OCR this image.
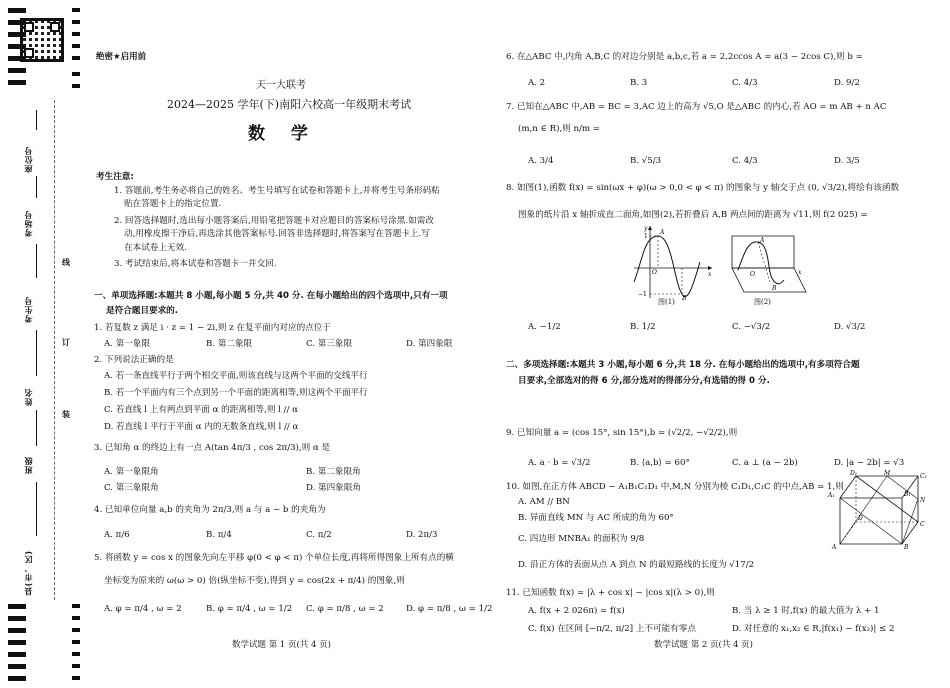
座位号
考场号
考生号
姓名
班级
县(市、区)
线
订
装
绝密★启用前
天一大联考
2024—2025 学年(下)南阳六校高一年级期末考试
数 学
考生注意:
1. 答题前,考生务必将自己的姓名、考生号填写在试卷和答题卡上,并将考生号条形码粘
贴在答题卡上的指定位置.
2. 回答选择题时,选出每小题答案后,用铅笔把答题卡对应题目的答案标号涂黑.如需改
动,用橡皮擦干净后,再选涂其他答案标号.回答非选择题时,将答案写在答题卡上.写
在本试卷上无效.
3. 考试结束后,将本试卷和答题卡一并交回.
一、单项选择题:本题共 8 小题,每小题 5 分,共 40 分. 在每小题给出的四个选项中,只有一项
是符合题目要求的.
1. 若复数 z 满足 i · z = 1 − 2i,则 z 在复平面内对应的点位于
A. 第一象限	B. 第二象限	C. 第三象限	D. 第四象限
2. 下列说法正确的是
A. 若一条直线平行于两个相交平面,则该直线与这两个平面的交线平行
B. 若一个平面内有三个点到另一个平面的距离相等,则这两个平面平行
C. 若直线 l 上有两点到平面 α 的距离相等,则 l // α
D. 若直线 l 平行于平面 α 内的无数条直线,则 l // α
3. 已知角 α 的终边上有一点 A(tan 4π/3 , cos 2π/3),则 α 是
A. 第一象限角	B. 第二象限角
C. 第三象限角	D. 第四象限角
4. 已知单位向量 a,b 的夹角为 2π/3,则 a 与 a − b 的夹角为
A. π/6	B. π/4	C. π/2	D. 2π/3
5. 将函数 y = cos x 的图象先向左平移 φ(0 < φ < π) 个单位长度,再将所得图象上所有点的横
坐标变为原来的 ω(ω > 0) 倍(纵坐标不变),得到 y = cos(2x + π/4) 的图象,则
A. φ = π/4 , ω = 2	B. φ = π/4 , ω = 1/2 C. φ = π/8 , ω = 2	D. φ = π/8 , ω = 1/2
数学试题 第 1 页(共 4 页)
6. 在△ABC 中,内角 A,B,C 的对边分别是 a,b,c,若 a = 2,2ccos A = a(3 − 2cos C),则 b =
A. 2	B. 3	C. 4/3	D. 9/2
7. 已知在△ABC 中,AB = BC = 3,AC 边上的高为 √5,O 是△ABC 的内心,若 AO = m AB + n AC
(m,n ∈ R),则 n/m =
A. 3/4	B. √5/3	C. 4/3	D. 3/5
8. 如图(1),函数 f(x) = sin(ωx + φ)(ω > 0,0 < φ < π) 的图象与 y 轴交于点 (0, √3/2),将绘有该函数
图象的纸片沿 x 轴折成直二面角,如图(2),若折叠后 A,B 两点间的距离为 √11,则 f(2 025) =
O	x
y
1
A
B
−1
图(1)
A
B
O	x
图(2)
A. −1/2	B. 1/2	C. −√3/2	D. √3/2
二、多项选择题:本题共 3 小题,每小题 6 分,共 18 分. 在每小题给出的选项中,有多项符合题
目要求,全部选对的得 6 分,部分选对的得部分分,有选错的得 0 分.
9. 已知向量 a = (cos 15°, sin 15°),b = (√2/2, −√2/2),则
A. a · b = √3/2	B. ⟨a,b⟩ = 60°	C. a ⊥ (a − 2b)	D. |a − 2b| = √3
10. 如图,在正方体 ABCD − A₁B₁C₁D₁ 中,M,N 分别为棱 C₁D₁,C₁C 的中点,AB = 1,则
A. AM // BN
B. 异面直线 MN 与 AC 所成的角为 60°
C. 四边形 MNBA₁ 的面积为 9/8
D. 沿正方体的表面从点 A 到点 N 的最短路线的长度为 √17/2
D₁	M	C₁
A₁	B₁
N
D
C
A	B
11. 已知函数 f(x) = |λ + cos x| − |cos x|(λ > 0),则
A. f(x + 2 026π) = f(x)	B. 当 λ ≥ 1 时,f(x) 的最大值为 λ + 1
C. f(x) 在区间 [−π/2, π/2] 上不可能有零点	D. 对任意的 x₁,x₂ ∈ R,|f(x₁) − f(x₂)| ≤ 2
数学试题 第 2 页(共 4 页)
